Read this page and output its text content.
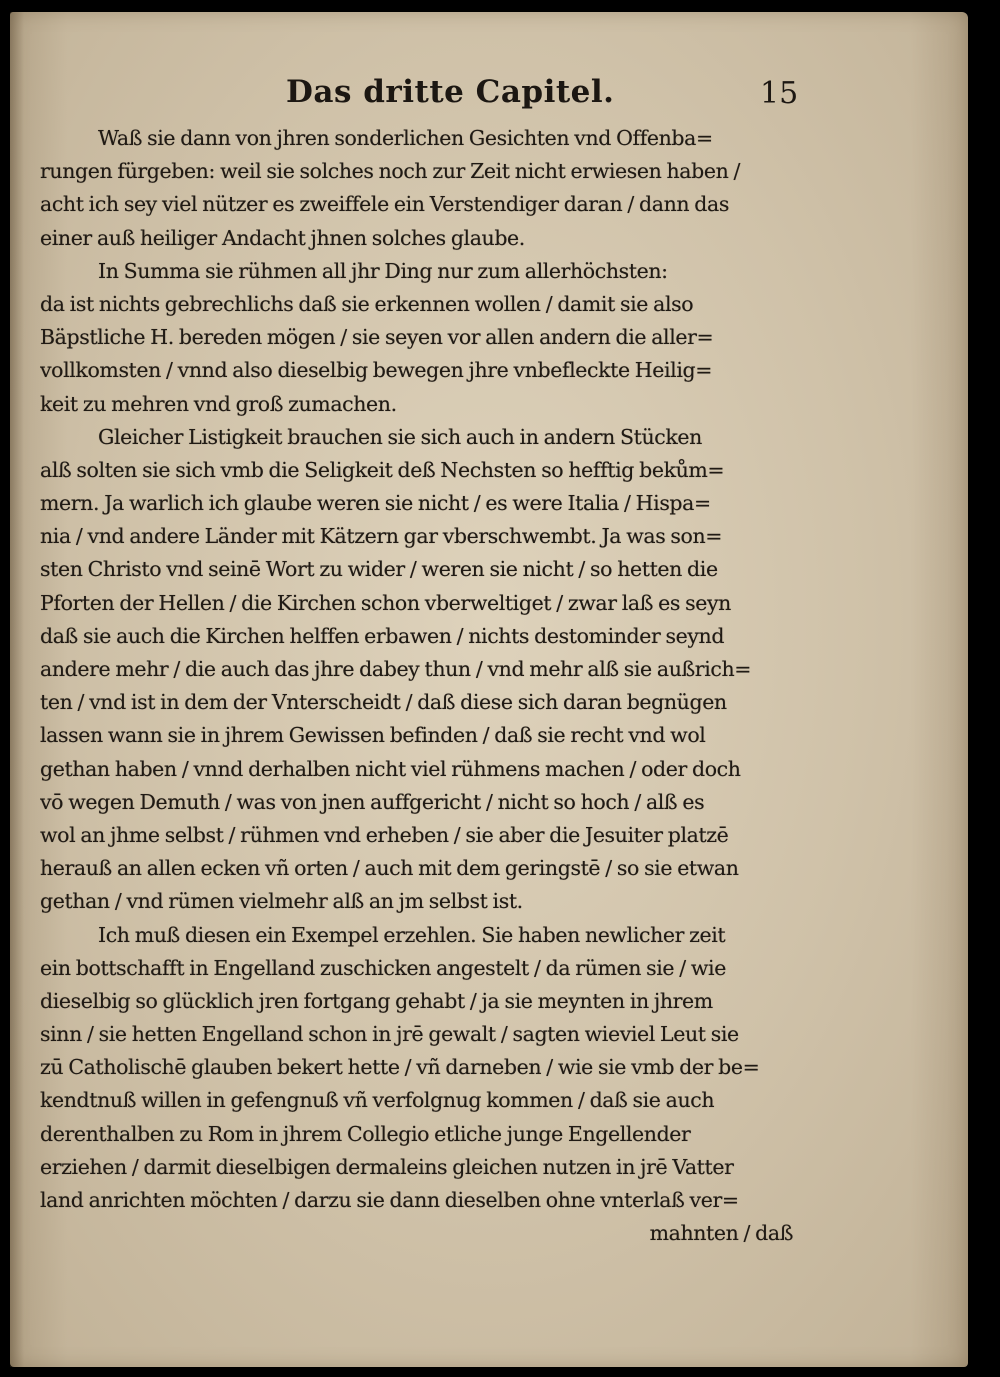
Das dritte Capitel.	15
Waß sie dann von jhren sonderlichen Gesichten vnd Offenba=
rungen fürgeben: weil sie solches noch zur Zeit nicht erwiesen haben /
acht ich sey viel nützer es zweiffele ein Verstendiger daran / dann das
einer auß heiliger Andacht jhnen solches glaube.
In Summa sie rühmen all jhr Ding nur zum allerhöchsten:
da ist nichts gebrechlichs daß sie erkennen wollen / damit sie also
Bäpstliche H. bereden mögen / sie seyen vor allen andern die aller=
vollkomsten / vnnd also dieselbig bewegen jhre vnbefleckte Heilig=
keit zu mehren vnd groß zumachen.
Gleicher Listigkeit brauchen sie sich auch in andern Stücken
alß solten sie sich vmb die Seligkeit deß Nechsten so hefftig bekům=
mern. Ja warlich ich glaube weren sie nicht / es were Italia / Hispa=
nia / vnd andere Länder mit Kätzern gar vberschwembt. Ja was son=
sten Christo vnd seinē Wort zu wider / weren sie nicht / so hetten die
Pforten der Hellen / die Kirchen schon vberweltiget / zwar laß es seyn
daß sie auch die Kirchen helffen erbawen / nichts destominder seynd
andere mehr / die auch das jhre dabey thun / vnd mehr alß sie außrich=
ten / vnd ist in dem der Vnterscheidt / daß diese sich daran begnügen
lassen wann sie in jhrem Gewissen befinden / daß sie recht vnd wol
gethan haben / vnnd derhalben nicht viel rühmens machen / oder doch
vō wegen Demuth / was von jnen auffgericht / nicht so hoch / alß es
wol an jhme selbst / rühmen vnd erheben / sie aber die Jesuiter platzē
herauß an allen ecken vñ orten / auch mit dem geringstē / so sie etwan
gethan / vnd rümen vielmehr alß an jm selbst ist.
Ich muß diesen ein Exempel erzehlen. Sie haben newlicher zeit
ein bottschafft in Engelland zuschicken angestelt / da rümen sie / wie
dieselbig so glücklich jren fortgang gehabt / ja sie meynten in jhrem
sinn / sie hetten Engelland schon in jrē gewalt / sagten wieviel Leut sie
zū Catholischē glauben bekert hette / vñ darneben / wie sie vmb der be=
kendtnuß willen in gefengnuß vñ verfolgnug kommen / daß sie auch
derenthalben zu Rom in jhrem Collegio etliche junge Engellender
erziehen / darmit dieselbigen dermaleins gleichen nutzen in jrē Vatter
land anrichten möchten / darzu sie dann dieselben ohne vnterlaß ver=
mahnten / daß
